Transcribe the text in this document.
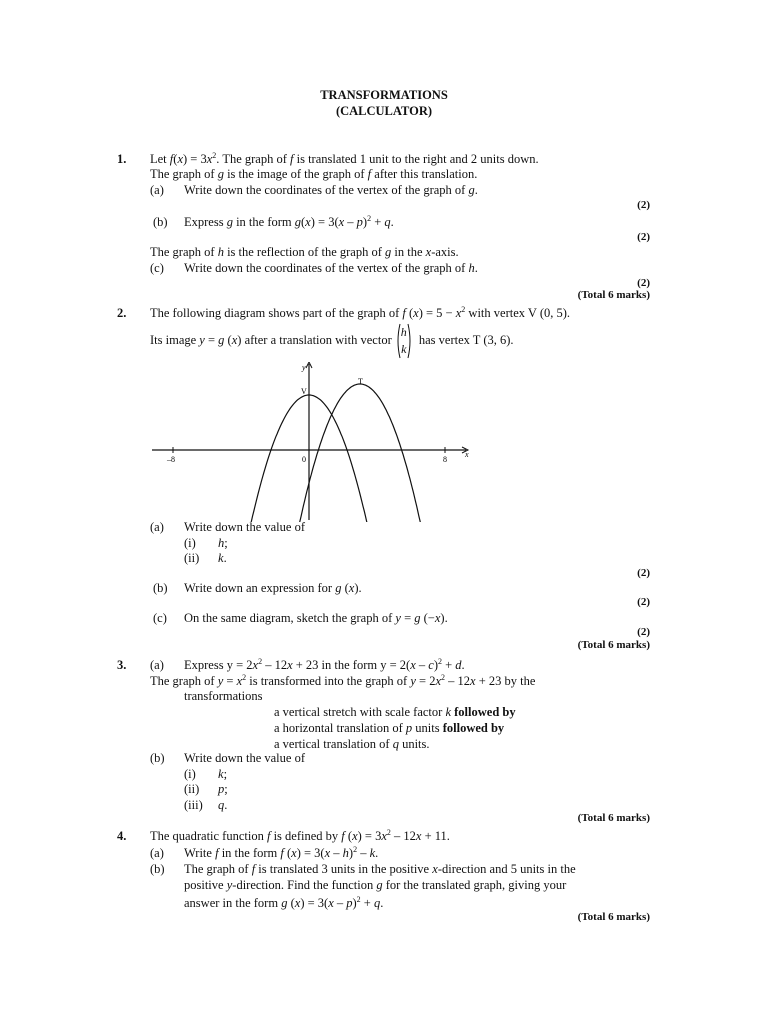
TRANSFORMATIONS
(CALCULATOR)
1. Let $f(x) = 3x^2$. The graph of f is translated 1 unit to the right and 2 units down.
The graph of g is the image of the graph of f after this translation.
(a) Write down the coordinates of the vertex of the graph of g.
(2)
(b) Express g in the form g(x) = 3(x – p)$^2$ + q.
(2)
The graph of h is the reflection of the graph of g in the x-axis.
(c) Write down the coordinates of the vertex of the graph of h.
(2)
(Total 6 marks)
2. The following diagram shows part of the graph of f $(x) = 5 - x^2$ with vertex V (0, 5).
Its image y = g (x) after a translation with vector
h
k
has vertex T (3, 6).
–8	0	8
x
y
V
T
(a) Write down the value of
(i) h;
(ii) k.
(2)
(b) Write down an expression for g (x).
(2)
(c) On the same diagram, sketch the graph of y = g (−x).
(2)
(Total 6 marks)
3. (a) Express $y = 2x^2 - 12x + 23$ in the form y = 2(x – c)$^2$ + d.
The graph of $y = x^2$ is transformed into the graph of $y = 2x^2 - 12x + 23$ by the
transformations
a vertical stretch with scale factor k followed by
a horizontal translation of p units followed by
a vertical translation of q units.
(b) Write down the value of
(i) k;
(ii) p;
(iii) q.
(Total 6 marks)
4. The quadratic function f is defined by f $(x) = 3x^2 - 12x + 11$.
(a) Write f in the form f (x) = 3(x – h)$^2$ – k.
(b) The graph of f is translated 3 units in the positive x-direction and 5 units in the
positive y-direction. Find the function g for the translated graph, giving your
answer in the form g (x) = 3(x – p)$^2$ + q.
(Total 6 marks)
